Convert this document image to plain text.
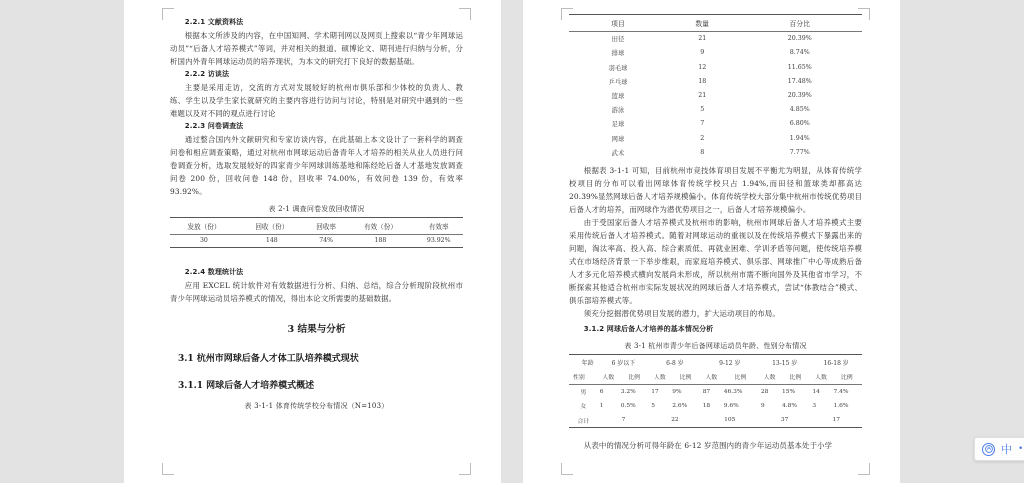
2.2.1 文献资料法

根据本文所涉及的内容，在中国知网、学术期刊网以及网页上搜索以“青少年网球运动员”“后备人才培养模式”等词，并对相关的报道、硕博论文、期刊进行归纳与分析，分析国内外青年网球运动员的培养现状，为本文的研究打下良好的数据基础。

2.2.2 访谈法

主要是采用走访，交流的方式对发展较好的杭州市俱乐部和少体校的负责人、教练、学生以及学生家长就研究的主要内容进行访问与讨论，特别是对研究中遇到的一些难题以及对不同的观点进行讨论

2.2.3 问卷调查法

通过整合国内外文献研究和专家访谈内容，在此基础上本文设计了一套科学的调查问卷和相应调查策略，通过对杭州市网球运动后备青年人才培养的相关从业人员进行问卷调查分析，选取发展较好的四家青少年网球训练基地和陈经纶后备人才基地发放调查问卷 200 份，回收问卷 148 份，回收率 74.00%，有效问卷 139 份，有效率 93.92%。

表 2-1 调查问卷发放回收情况
发放（份）	回收（份）	回收率	有效（份）	有效率
30	148	74%	188	93.92%

2.2.4 数理统计法

应用 EXCEL 统计软件对有效数据进行分析、归纳、总结，综合分析现阶段杭州市青少年网球运动员培养模式的情况，得出本论文所需要的基础数据。

3 结果与分析
3.1 杭州市网球后备人才体工队培养模式现状
3.1.1 网球后备人才培养模式概述
表 3-1-1 体育传统学校分布情况（N=103）
项目	数量	百分比
田径	21	20.39%
排球	9	8.74%
羽毛球	12	11.65%
乒乓球	18	17.48%
篮球	21	20.39%
游泳	5	4.85%
足球	7	6.80%
网球	2	1.94%
武术	8	7.77%

根据表 3-1-1 可知，目前杭州市竞技体育项目发展不平衡尤为明显，从体育传统学校项目的分布可以看出网球体育传统学校只占 1.94%,而田径和篮球类却都高达 20.39%显然网球后备人才培养规模偏小。体育传统学校大部分集中杭州市传统优势项目后备人才的培养，而网球作为潜优势项目之一，后备人才培养规模偏小。

由于受国家后备人才培养模式及杭州市的影响，杭州市网球后备人才培养模式主要采用传统后备人才培养模式。随着对网球运动的重视以及在传统培养模式下暴露出来的问题，淘汰率高、投入高、综合素质低、再就业困难、学训矛盾等问题，使传统培养模式在市场经济背景一下举步维艰，而家庭培养模式、俱乐部、网球推广中心等成熟后备人才多元化培养模式横向发展尚未形成，所以杭州市需不断向国外及其他省市学习，不断探索其他适合杭州市实际发展状况的网球后备人才培养模式，尝试“体教结合”模式、俱乐部培养模式等。

须充分挖掘潜优势项目发展的潜力，扩大运动项目的布局。

3.1.2 网球后备人才培养的基本情况分析
表 3-1 杭州市青少年后备网球运动员年龄、性别分布情况
年龄	6 岁以下		6-8 岁		9-12 岁		13-15 岁		16-18 岁	
性别	人数	比例	人数	比例	人数	比例	人数	比例	人数	比例
男	6	3.2%	17	9%	87	46.3%	28	15%	14	7.4%
女	1	0.5%	5	2.6%	18	9.6%	9	4.8%	3	1.6%
合计	7		22		105		37		17	

从表中的情况分析可得年龄在 6-12 岁范围内的青少年运动员基本处于小学	中 •
